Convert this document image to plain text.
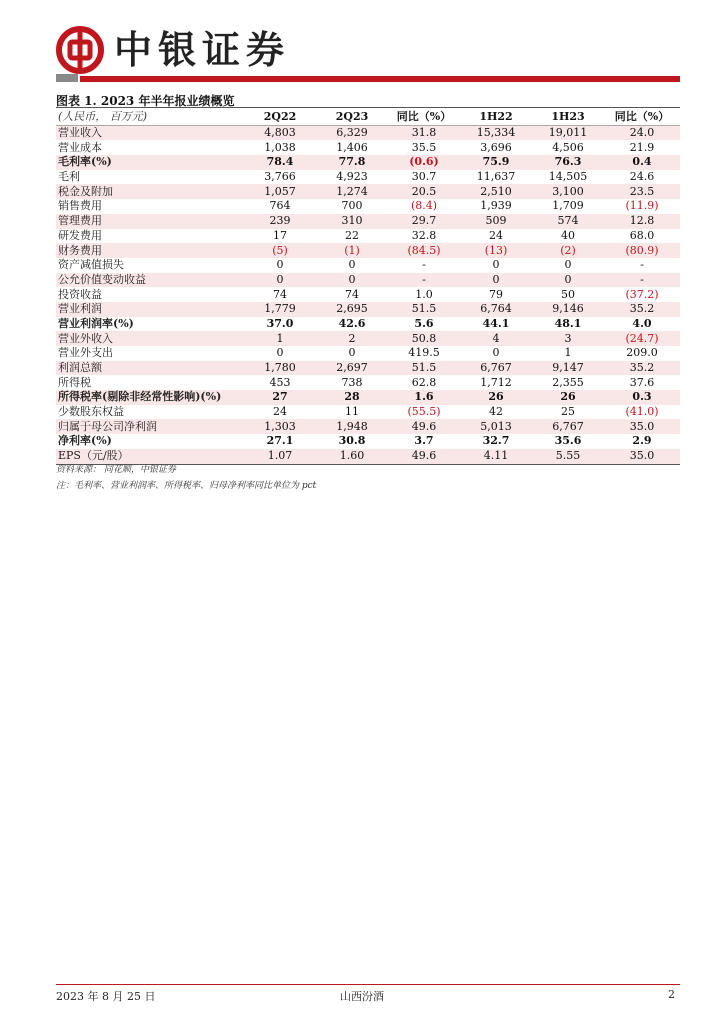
中银证券
图表 1. 2023 年半年报业绩概览
(人民币， 百万元)	2Q22	2Q23	同比（%）	1H22	1H23	同比（%）
营业收入	4,803	6,329	31.8	15,334	19,011	24.0
营业成本	1,038	1,406	35.5	3,696	4,506	21.9
毛利率(%)	78.4	77.8	(0.6)	75.9	76.3	0.4
毛利	3,766	4,923	30.7	11,637	14,505	24.6
税金及附加	1,057	1,274	20.5	2,510	3,100	23.5
销售费用	764	700	(8.4)	1,939	1,709	(11.9)
管理费用	239	310	29.7	509	574	12.8
研发费用	17	22	32.8	24	40	68.0
财务费用	(5)	(1)	(84.5)	(13)	(2)	(80.9)
资产减值损失	0	0	-	0	0	-
公允价值变动收益	0	0	-	0	0	-
投资收益	74	74	1.0	79	50	(37.2)
营业利润	1,779	2,695	51.5	6,764	9,146	35.2
营业利润率(%)	37.0	42.6	5.6	44.1	48.1	4.0
营业外收入	1	2	50.8	4	3	(24.7)
营业外支出	0	0	419.5	0	1	209.0
利润总额	1,780	2,697	51.5	6,767	9,147	35.2
所得税	453	738	62.8	1,712	2,355	37.6
所得税率(剔除非经常性影响)(%)	27	28	1.6	26	26	0.3
少数股东权益	24	11	(55.5)	42	25	(41.0)
归属于母公司净利润	1,303	1,948	49.6	5,013	6,767	35.0
净利率(%)	27.1	30.8	3.7	32.7	35.6	2.9
EPS（元/股）	1.07	1.60	49.6	4.11	5.55	35.0
资料来源： 同花顺，中银证券
注：毛利率、营业利润率、所得税率、归母净利率同比单位为 pct
2023 年 8 月 25 日	山西汾酒	2
